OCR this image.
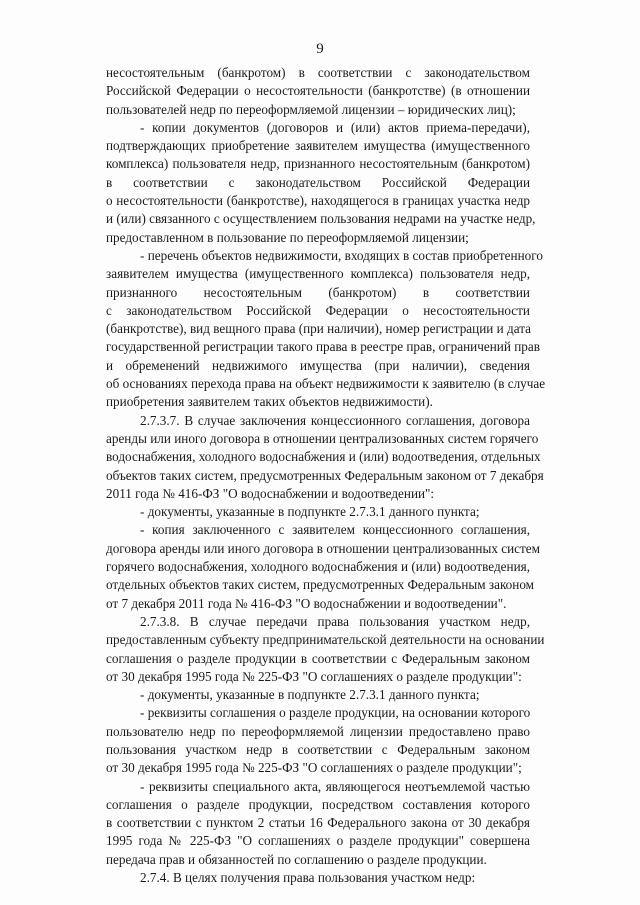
9
несостоятельным (банкротом) в соответствии с законодательством
Российской Федерации о несостоятельности (банкротстве) (в отношении
пользователей недр по переоформляемой лицензии – юридических лиц);
- копии документов (договоров и (или) актов приема-передачи),
подтверждающих приобретение заявителем имущества (имущественного
комплекса) пользователя недр, признанного несостоятельным (банкротом)
в соответствии с законодательством Российской Федерации
о несостоятельности (банкротстве), находящегося в границах участка недр
и (или) связанного с осуществлением пользования недрами на участке недр,
предоставленном в пользование по переоформляемой лицензии;
- перечень объектов недвижимости, входящих в состав приобретенного
заявителем имущества (имущественного комплекса) пользователя недр,
признанного несостоятельным (банкротом) в соответствии
с законодательством Российской Федерации о несостоятельности
(банкротстве), вид вещного права (при наличии), номер регистрации и дата
государственной регистрации такого права в реестре прав, ограничений прав
и обременений недвижимого имущества (при наличии), сведения
об основаниях перехода права на объект недвижимости к заявителю (в случае
приобретения заявителем таких объектов недвижимости).
2.7.3.7. В случае заключения концессионного соглашения, договора
аренды или иного договора в отношении централизованных систем горячего
водоснабжения, холодного водоснабжения и (или) водоотведения, отдельных
объектов таких систем, предусмотренных Федеральным законом от 7 декабря
2011 года № 416-ФЗ "О водоснабжении и водоотведении":
- документы, указанные в подпункте 2.7.3.1 данного пункта;
- копия заключенного с заявителем концессионного соглашения,
договора аренды или иного договора в отношении централизованных систем
горячего водоснабжения, холодного водоснабжения и (или) водоотведения,
отдельных объектов таких систем, предусмотренных Федеральным законом
от 7 декабря 2011 года № 416-ФЗ "О водоснабжении и водоотведении".
2.7.3.8. В случае передачи права пользования участком недр,
предоставленным субъекту предпринимательской деятельности на основании
соглашения о разделе продукции в соответствии с Федеральным законом
от 30 декабря 1995 года № 225-ФЗ "О соглашениях о разделе продукции":
- документы, указанные в подпункте 2.7.3.1 данного пункта;
- реквизиты соглашения о разделе продукции, на основании которого
пользователю недр по переоформляемой лицензии предоставлено право
пользования участком недр в соответствии с Федеральным законом
от 30 декабря 1995 года № 225-ФЗ "О соглашениях о разделе продукции";
- реквизиты специального акта, являющегося неотъемлемой частью
соглашения о разделе продукции, посредством составления которого
в соответствии с пунктом 2 статьи 16 Федерального закона от 30 декабря
1995 года № 225-ФЗ "О соглашениях о разделе продукции" совершена
передача прав и обязанностей по соглашению о разделе продукции.
2.7.4. В целях получения права пользования участком недр:
